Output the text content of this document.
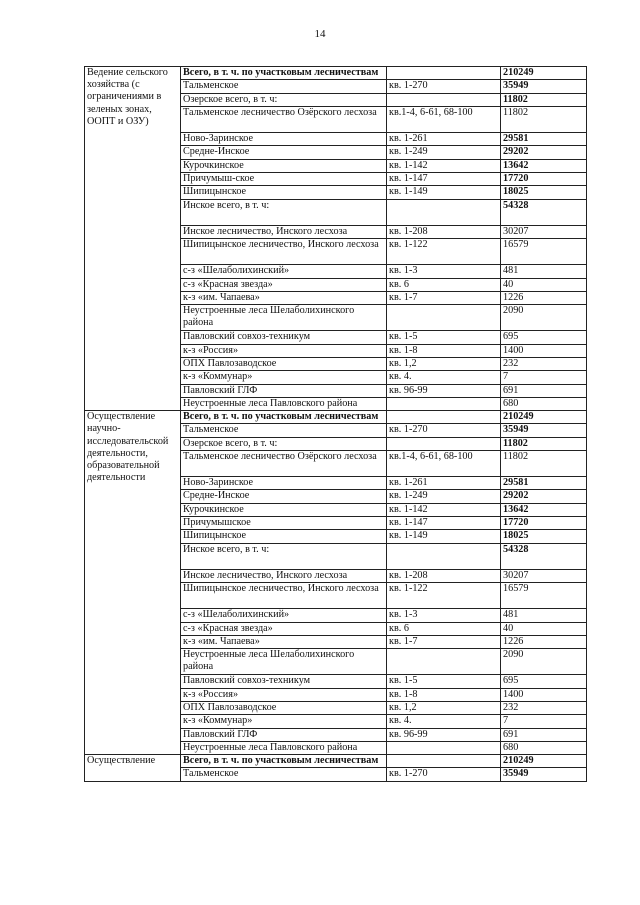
14
Ведение сельского хозяйства (с ограничениями в зеленых зонах, ООПТ и ОЗУ)	Всего, в т. ч. по участковым лесничествам		210249
	Тальменское	кв. 1-270	35949
	Озерское всего, в т. ч:		11802
	Тальменское лесничество Озёрского лесхоза	кв.1-4, 6-61, 68-100	11802
	Ново-Заринское	кв. 1-261	29581
	Средне-Инское	кв. 1-249	29202
	Курочкинское	кв. 1-142	13642
	Причумыш-ское	кв. 1-147	17720
	Шипицынское	кв. 1-149	18025
	Инское всего, в т. ч:		54328
	Инское лесничество, Инского лесхоза	кв. 1-208	30207
	Шипицынское лесничество, Инского лесхоза	кв. 1-122	16579
	с-з «Шелаболихинский»	кв. 1-3	481
	с-з «Красная звезда»	кв. 6	40
	к-з «им. Чапаева»	кв. 1-7	1226
	Неустроенные леса Шелаболихинского района		2090
	Павловский совхоз-техникум	кв. 1-5	695
	к-з «Россия»	кв. 1-8	1400
	ОПХ Павлозаводское	кв. 1,2	232
	к-з «Коммунар»	кв. 4.	7
	Павловский ГЛФ	кв. 96-99	691
	Неустроенные леса Павловского района		680
Осуществление научно-исследовательской деятельности, образовательной деятельности	Всего, в т. ч. по участковым лесничествам		210249
	Тальменское	кв. 1-270	35949
	Озерское всего, в т. ч:		11802
	Тальменское лесничество Озёрского лесхоза	кв.1-4, 6-61, 68-100	11802
	Ново-Заринское	кв. 1-261	29581
	Средне-Инское	кв. 1-249	29202
	Курочкинское	кв. 1-142	13642
	Причумышское	кв. 1-147	17720
	Шипицынское	кв. 1-149	18025
	Инское всего, в т. ч:		54328
	Инское лесничество, Инского лесхоза	кв. 1-208	30207
	Шипицынское лесничество, Инского лесхоза	кв. 1-122	16579
	с-з «Шелаболихинский»	кв. 1-3	481
	с-з «Красная звезда»	кв. 6	40
	к-з «им. Чапаева»	кв. 1-7	1226
	Неустроенные леса Шелаболихинского района		2090
	Павловский совхоз-техникум	кв. 1-5	695
	к-з «Россия»	кв. 1-8	1400
	ОПХ Павлозаводское	кв. 1,2	232
	к-з «Коммунар»	кв. 4.	7
	Павловский ГЛФ	кв. 96-99	691
	Неустроенные леса Павловского района		680
Осуществление	Всего, в т. ч. по участковым лесничествам		210249
	Тальменское	кв. 1-270	35949
